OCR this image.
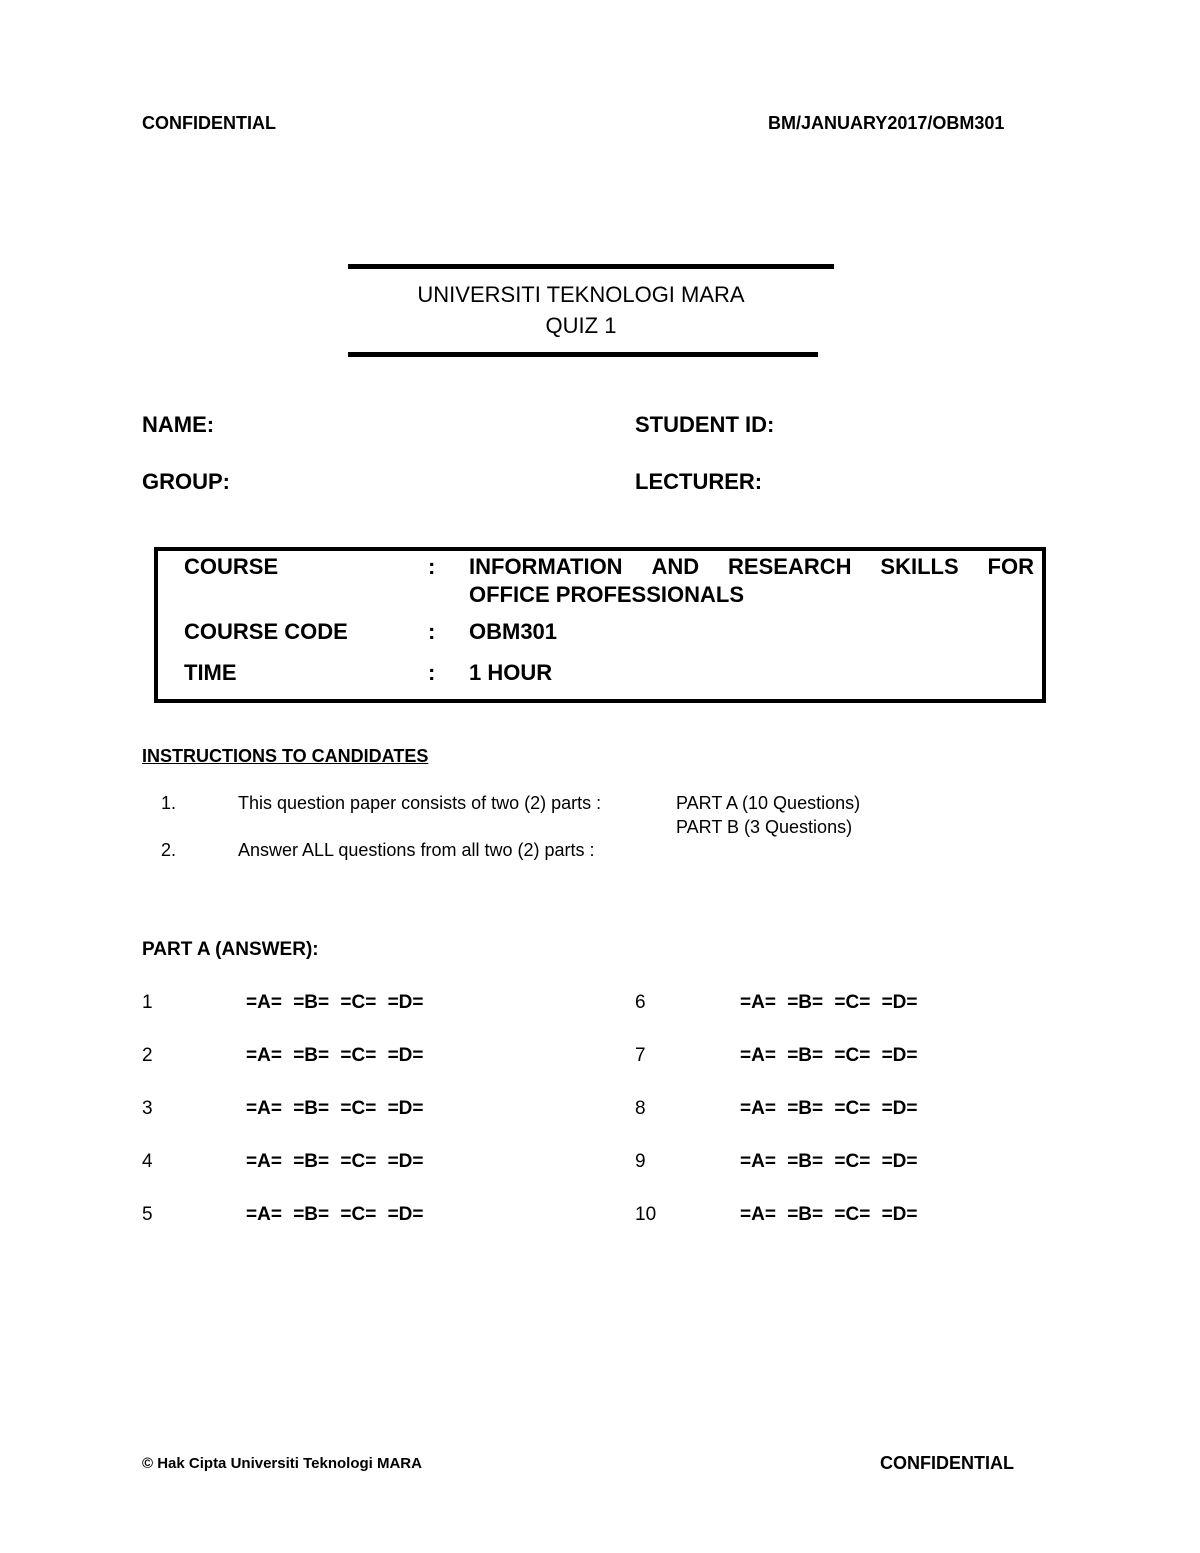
CONFIDENTIAL	BM/JANUARY2017/OBM301
UNIVERSITI TEKNOLOGI MARA
QUIZ 1
NAME:	STUDENT ID:
GROUP:	LECTURER:
COURSE	: INFORMATION AND RESEARCH SKILLS FOR
OFFICE PROFESSIONALS
COURSE CODE	: OBM301
TIME	: 1 HOUR
INSTRUCTIONS TO CANDIDATES
1.	This question paper consists of two (2) parts :	PART A (10 Questions)
PART B (3 Questions)
2.	Answer ALL questions from all two (2) parts :
PART A (ANSWER):
1	=A= =B= =C= =D=
2	=A= =B= =C= =D=
3	=A= =B= =C= =D=
4	=A= =B= =C= =D=
5	=A= =B= =C= =D=
6	=A= =B= =C= =D=
7	=A= =B= =C= =D=
8	=A= =B= =C= =D=
9	=A= =B= =C= =D=
10	=A= =B= =C= =D=
© Hak Cipta Universiti Teknologi MARA	CONFIDENTIAL
